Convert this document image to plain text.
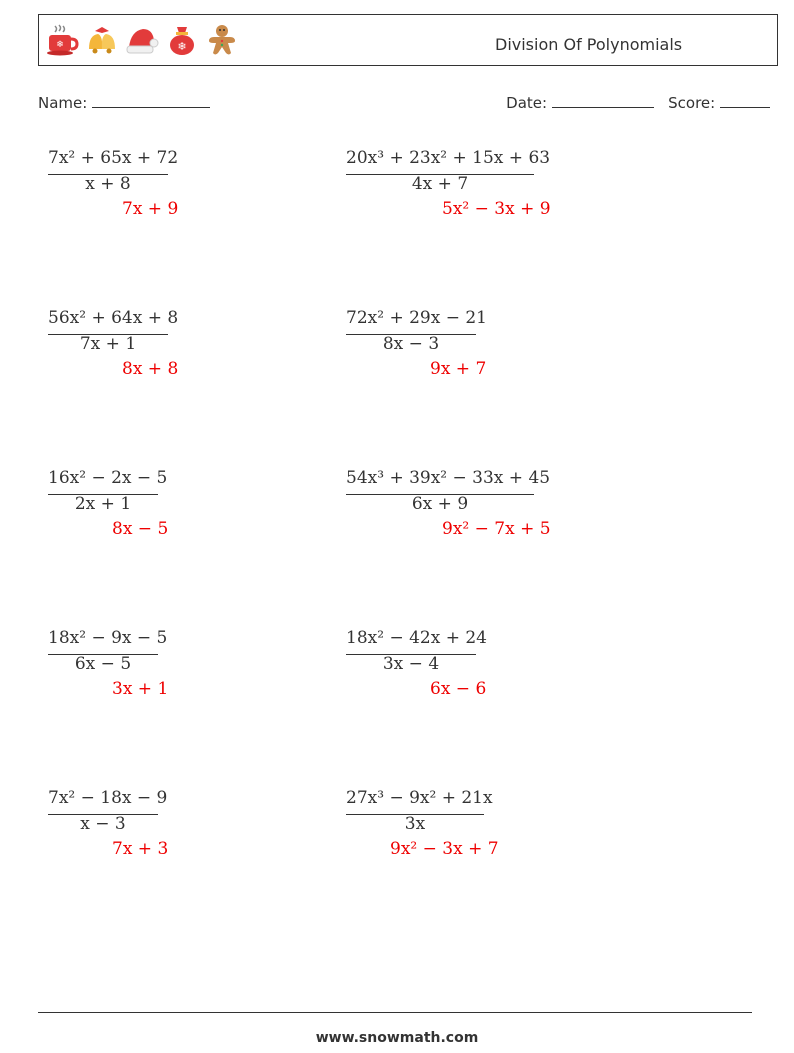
❄	❄	Division Of Polynomials
Name:	Date:	Score:
7x² + 65x + 72
x + 8
7x + 9
20x³ + 23x² + 15x + 63
4x + 7
5x² − 3x + 9
56x² + 64x + 8
7x + 1
8x + 8
72x² + 29x − 21
8x − 3
9x + 7
16x² − 2x − 5
2x + 1
8x − 5
54x³ + 39x² − 33x + 45
6x + 9
9x² − 7x + 5
18x² − 9x − 5
6x − 5
3x + 1
18x² − 42x + 24
3x − 4
6x − 6
7x² − 18x − 9
x − 3
7x + 3
27x³ − 9x² + 21x
3x
9x² − 3x + 7
www.snowmath.com
